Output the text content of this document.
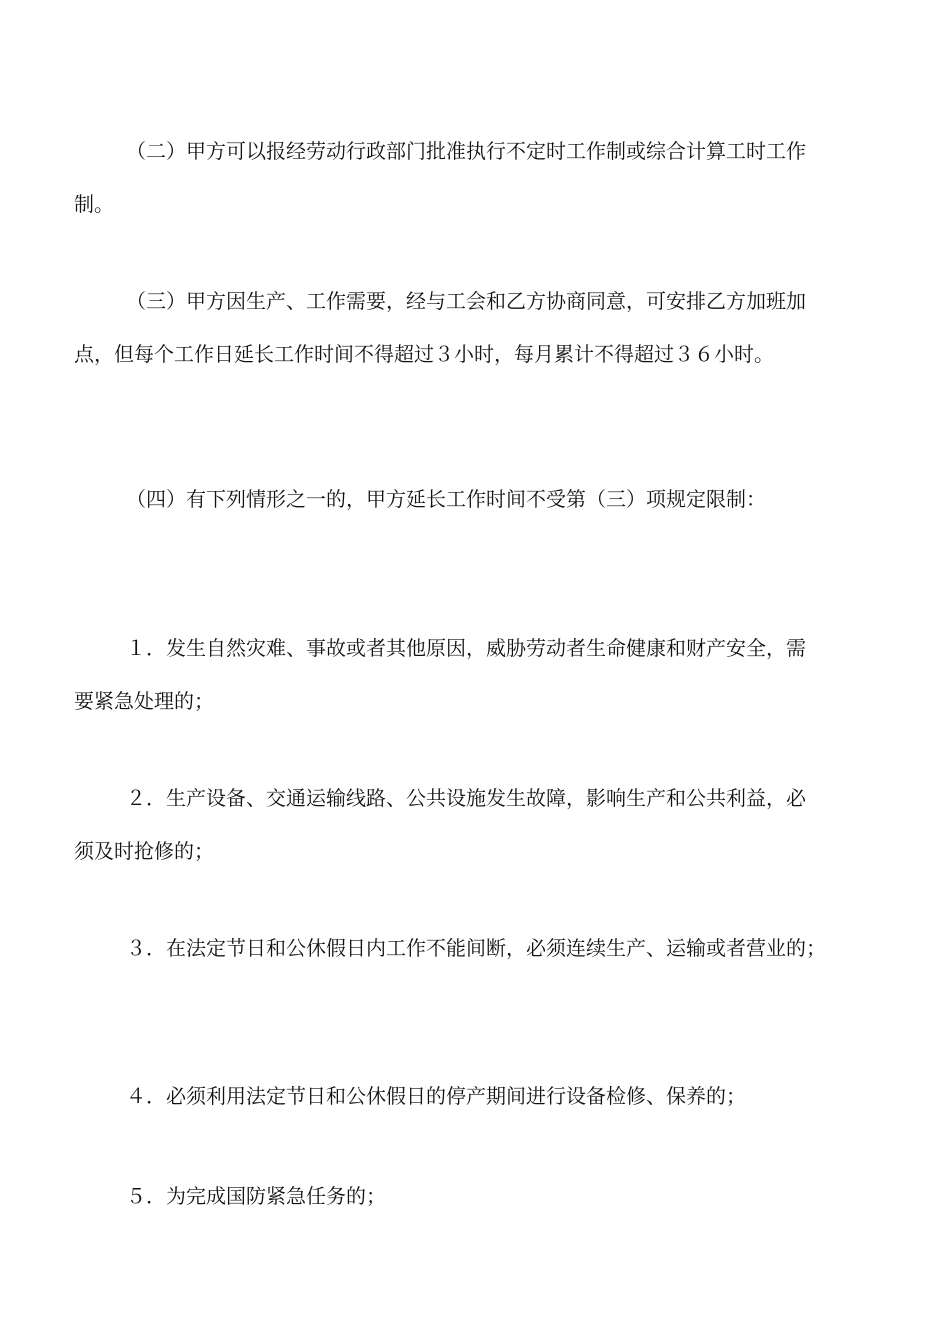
（二）甲方可以报经劳动行政部门批准执行不定时工作制或综合计算工时工作
制。

（三）甲方因生产、工作需要，经与工会和乙方协商同意，可安排乙方加班加
点，但每个工作日延长工作时间不得超过３小时，每月累计不得超过３６小时。

（四）有下列情形之一的，甲方延长工作时间不受第（三）项规定限制：

１．发生自然灾难、事故或者其他原因，威胁劳动者生命健康和财产安全，需
要紧急处理的；

２．生产设备、交通运输线路、公共设施发生故障，影响生产和公共利益，必
须及时抢修的；

３．在法定节日和公休假日内工作不能间断，必须连续生产、运输或者营业的；

４．必须利用法定节日和公休假日的停产期间进行设备检修、保养的；

５．为完成国防紧急任务的；
